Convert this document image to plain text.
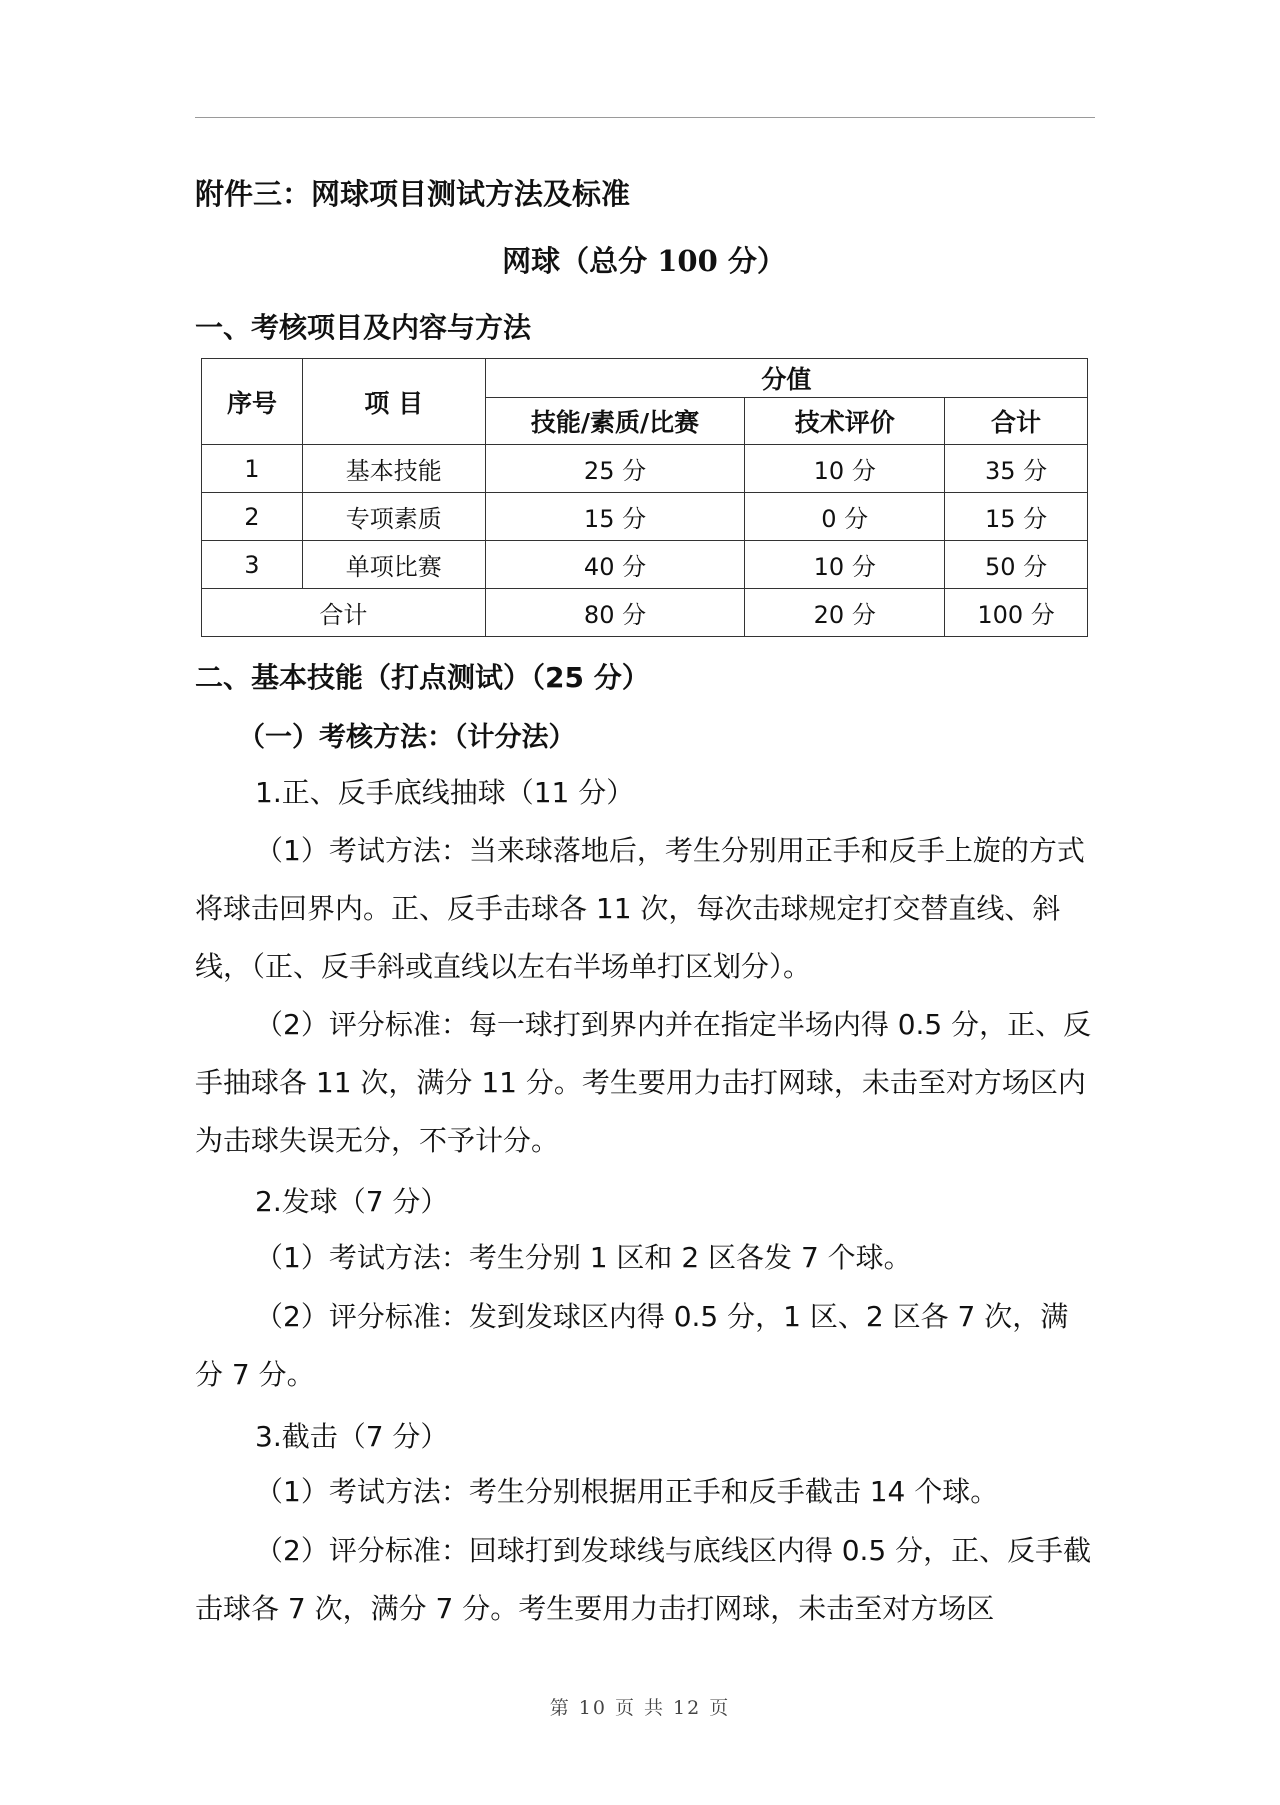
附件三：网球项目测试方法及标准
网球（总分 100 分）
一、考核项目及内容与方法
序号	项 目	分值		
		技能/素质/比赛	技术评价	合计
1	基本技能	25 分	10 分	35 分
2	专项素质	15 分	0 分	15 分
3	单项比赛	40 分	10 分	50 分
合计		80 分	20 分	100 分
二、基本技能（打点测试）（25 分）
（一）考核方法：（计分法）
1.正、反手底线抽球（11 分）
（1）考试方法：当来球落地后，考生分别用正手和反手上旋的方式将球击回界内。正、反手击球各 11 次，每次击球规定打交替直线、斜线，（正、反手斜或直线以左右半场单打区划分）。
（2）评分标准：每一球打到界内并在指定半场内得 0.5 分，正、反手抽球各 11 次，满分 11 分。考生要用力击打网球，未击至对方场区内为击球失误无分，不予计分。
2.发球（7 分）
（1）考试方法：考生分别 1 区和 2 区各发 7 个球。
（2）评分标准：发到发球区内得 0.5 分，1 区、2 区各 7 次，满分 7 分。
3.截击（7 分）
（1）考试方法：考生分别根据用正手和反手截击 14 个球。
（2）评分标准：回球打到发球线与底线区内得 0.5 分，正、反手截击球各 7 次，满分 7 分。考生要用力击打网球，未击至对方场区
第 10 页 共 12 页
